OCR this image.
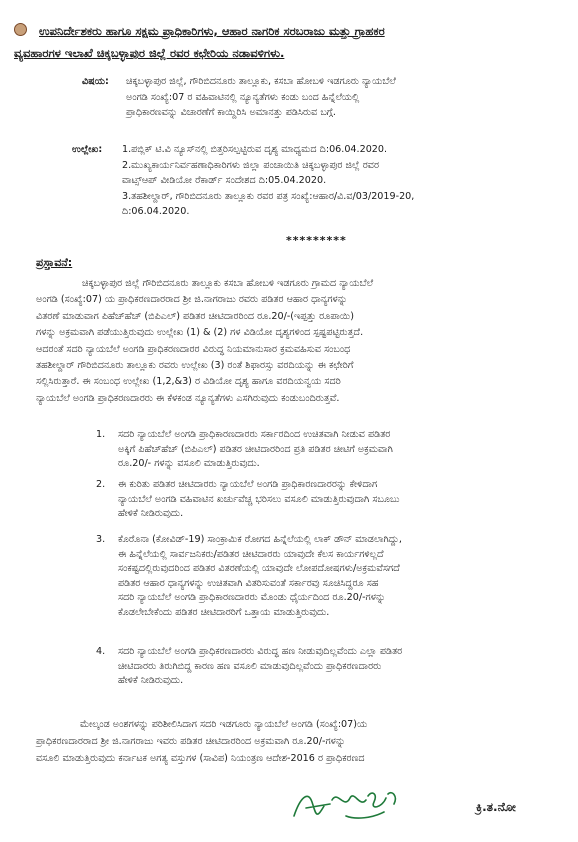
ಉಪನಿರ್ದೇಶಕರು ಹಾಗೂ ಸಕ್ಷಮ ಪ್ರಾಧಿಕಾರಿಗಳು, ಆಹಾರ ನಾಗರಿಕ ಸರಬರಾಜು ಮತ್ತು ಗ್ರಾಹಕರ
ವ್ಯವಹಾರಗಳ ಇಲಾಖೆ ಚಿಕ್ಕಬಳ್ಳಾಪುರ ಜಿಲ್ಲೆ ರವರ ಕಛೇರಿಯ ನಡಾವಳಿಗಳು.
ವಿಷಯ: ಚಿಕ್ಕಬಳ್ಳಾಪುರ ಜಿಲ್ಲೆ, ಗೌರಿಬಿದನೂರು ತಾಲ್ಲೂಕು, ಕಸಬಾ ಹೋಬಳಿ ಇಡಗೂರು ನ್ಯಾಯಬೆಲೆ

ಅಂಗಡಿ ಸಂಖ್ಯೆ:07 ರ ವಹಿವಾಟಿನಲ್ಲಿ ನ್ಯೂನ್ಯತೆಗಳು ಕಂಡು ಬಂದ ಹಿನ್ನೆಲೆಯಲ್ಲಿ

ಪ್ರಾಧಿಕಾರಣವನ್ನು ವಿಚಾರಣೆಗೆ ಕಾಯ್ದಿರಿಸಿ ಅಮಾನತ್ತು ಪಡಿಸಿರುವ ಬಗ್ಗೆ.

ಉಲ್ಲೇಖ: 1.ಪಬ್ಲಿಕ್ ಟಿ.ವಿ ನ್ಯೂಸ್‌ನಲ್ಲಿ ಬಿತ್ತರಿಸಲ್ಪಟ್ಟಿರುವ ದೃಶ್ಯ ಮಾಧ್ಯಮದ ದಿ:06.04.2020.

2.ಮುಖ್ಯಕಾರ್ಯನಿರ್ವಹಣಾಧಿಕಾರಿಗಳು ಜಿಲ್ಲಾ ಪಂಚಾಯಿತಿ ಚಿಕ್ಕಬಳ್ಳಾಪುರ ಜಿಲ್ಲೆ ರವರ

ವಾಟ್ಸ್‌ಆಪ್ ವೀಡಿಯೋ ರೆಕಾರ್ಡ್ ಸಂದೇಶದ ದಿ:05.04.2020.

3.ತಹಶೀಲ್ದಾರ್, ಗೌರಿಬಿದನೂರು ತಾಲ್ಲೂಕು ರವರ ಪತ್ರ ಸಂಖ್ಯೆ:ಆಹಾರ/ವಿ.ವ/03/2019-20,

ದಿ:06.04.2020.

*********
ಪ್ರಸ್ತಾವನೆ:

ಚಿಕ್ಕಬಳ್ಳಾಪುರ ಜಿಲ್ಲೆ ಗೌರಿಬಿದನೂರು ತಾಲ್ಲೂಕು ಕಸಬಾ ಹೋಬಳಿ ಇಡಗೂರು ಗ್ರಾಮದ ನ್ಯಾಯಬೆಲೆ

ಅಂಗಡಿ (ಸಂಖ್ಯೆ:07) ಯ ಪ್ರಾಧಿಕರಣದಾರರಾದ ಶ್ರೀ ಜಿ.ನಾಗರಾಜು ರವರು ಪಡಿತರ ಆಹಾರ ಧಾನ್ಯಗಳನ್ನು

ವಿತರಣೆ ಮಾಡುವಾಗ ಪಿಹೆಚ್‌ಹೆಚ್ (ಬಿಪಿಎಲ್) ಪಡಿತರ ಚೀಟಿದಾರರಿಂದ ರೂ.20/-(ಇಪ್ಪತ್ತು ರೂಪಾಯಿ)

ಗಳನ್ನು ಅಕ್ರಮವಾಗಿ ಪಡೆಯುತ್ತಿರುವುದು ಉಲ್ಲೇಖ (1) & (2) ಗಳ ವಿಡಿಯೋ ದೃಶ್ಯಗಳಿಂದ ಸ್ಪಷ್ಟಪಟ್ಟಿರುತ್ತದೆ.

ಆದರಂತೆ ಸದರಿ ನ್ಯಾಯಬೆಲೆ ಅಂಗಡಿ ಪ್ರಾಧಿಕರಣದಾರರ ವಿರುದ್ಧ ನಿಯಮಾನುಸಾರ ಕ್ರಮವಹಿಸುವ ಸಂಬಂಧ

ತಹಶೀಲ್ದಾರ್ ಗೌರಿಬಿದನೂರು ತಾಲ್ಲೂಕು ರವರು ಉಲ್ಲೇಖ (3) ರಂತೆ ಶಿಫಾರಸ್ಸು ವರದಿಯನ್ನು ಈ ಕಛೇರಿಗೆ

ಸಲ್ಲಿಸಿರುತ್ತಾರೆ. ಈ ಸಂಬಂಧ ಉಲ್ಲೇಖ (1,2,&3) ರ ವಿಡಿಯೋ ದೃಶ್ಯ ಹಾಗೂ ವರದಿಯನ್ವಯ ಸದರಿ

ನ್ಯಾಯಬೆಲೆ ಅಂಗಡಿ ಪ್ರಾಧಿಕರಣದಾರರು ಈ ಕೆಳಕಂಡ ನ್ಯೂನ್ಯತೆಗಳು ಎಸಗಿರುವುದು ಕಂಡುಬಂದಿರುತ್ತವೆ.

1. ಸದರಿ ನ್ಯಾಯಬೆಲೆ ಅಂಗಡಿ ಪ್ರಾಧಿಕಾರಣದಾರರು ಸರ್ಕಾರದಿಂದ ಉಚಿತವಾಗಿ ನೀಡುವ ಪಡಿತರ

ಅಕ್ಕಿಗೆ ಪಿಹೆಚ್‌ಹೆಚ್ (ಬಿಪಿಎಲ್) ಪಡಿತರ ಚೀಟಿದಾರರಿಂದ ಪ್ರತಿ ಪಡಿತರ ಚೀಟಿಗೆ ಅಕ್ರಮವಾಗಿ

ರೂ.20/- ಗಳನ್ನು ವಸೂಲಿ ಮಾಡುತ್ತಿರುವುದು.

2. ಈ ಕುರಿತು ಪಡಿತರ ಚೀಟಿದಾರರು ನ್ಯಾಯಬೆಲೆ ಅಂಗಡಿ ಪ್ರಾಧಿಕಾರಣದಾರರನ್ನು ಕೇಳಿದಾಗ

ನ್ಯಾಯಬೆಲೆ ಅಂಗಡಿ ವಹಿವಾಟಿನ ಖರ್ಚುವೆಚ್ಚ ಭರಿಸಲು ವಸೂಲಿ ಮಾಡುತ್ತಿರುವುದಾಗಿ ಸಬೂಬು

ಹೇಳಿಕೆ ನೀಡಿರುವುದು.

3. ಕೊರೊನಾ (ಕೋವಿಡ್-19) ಸಾಂಕ್ರಾಮಿಕ ರೋಗದ ಹಿನ್ನೆಲೆಯಲ್ಲಿ ಲಾಕ್ ಡೌನ್ ಮಾಡಲಾಗಿದ್ದು,

ಈ ಹಿನ್ನೆಲೆಯಲ್ಲಿ ಸಾರ್ವಜನಿಕರು/ಪಡಿತರ ಚೀಟಿದಾರರು ಯಾವುದೇ ಕೆಲಸ ಕಾರ್ಯಗಳಿಲ್ಲದೆ

ಸಂಕಷ್ಟದಲ್ಲಿರುವುದರಿಂದ ಪಡಿತರ ವಿತರಣೆಯಲ್ಲಿ ಯಾವುದೇ ಲೋಪದೋಷಗಳು/ಅಕ್ರಮವೆಸಗದೆ

ಪಡಿತರ ಆಹಾರ ಧಾನ್ಯಗಳನ್ನು ಉಚಿತವಾಗಿ ವಿತರಿಸುವಂತೆ ಸರ್ಕಾರವು ಸೂಚಿಸಿದ್ದರೂ ಸಹ

ಸದರಿ ನ್ಯಾಯಬೆಲೆ ಅಂಗಡಿ ಪ್ರಾಧಿಕಾರಣದಾರರು ಮೊಂಡು ಧೈರ್ಯದಿಂದ ರೂ.20/-ಗಳನ್ನು

ಕೊಡಲೇಬೇಕೆಂದು ಪಡಿತರ ಚೀಟಿದಾರರಿಗೆ ಒತ್ತಾಯ ಮಾಡುತ್ತಿರುವುದು.

4. ಸದರಿ ನ್ಯಾಯಬೆಲೆ ಅಂಗಡಿ ಪ್ರಾಧಿಕರಣದಾರರು ವಿರುದ್ಧ ಹಣ ನೀಡುವುದಿಲ್ಲವೆಂದು ಎಲ್ಲಾ ಪಡಿತರ

ಚೀಟಿದಾರರು ತಿರುಗಿಬಿದ್ದ ಕಾರಣ ಹಣ ವಸೂಲಿ ಮಾಡುವುದಿಲ್ಲವೆಂದು ಪ್ರಾಧಿಕರಣದಾರರು

ಹೇಳಿಕೆ ನೀಡಿರುವುದು.

ಮೇಲ್ಕಂಡ ಅಂಶಗಳನ್ನು ಪರಿಶೀಲಿಸಿದಾಗ ಸದರಿ ಇಡಗೂರು ನ್ಯಾಯಬೆಲೆ ಅಂಗಡಿ (ಸಂಖ್ಯೆ:07)ಯ

ಪ್ರಾಧಿಕರಣದಾರರಾದ ಶ್ರೀ ಜಿ.ನಾಗರಾಜು ಇವರು ಪಡಿತರ ಚೀಟಿದಾರರಿಂದ ಅಕ್ರಮವಾಗಿ ರೂ.20/-ಗಳನ್ನು

ವಸೂಲಿ ಮಾಡುತ್ತಿರುವುದು ಕರ್ನಾಟಕ ಅಗತ್ಯ ವಸ್ತುಗಳ (ಸಾವಿಪ) ನಿಯಂತ್ರಣ ಆದೇಶ-2016 ರ ಪ್ರಾಧಿಕರಣದ

ಕ್ರಿ.ತ.ನೋ
